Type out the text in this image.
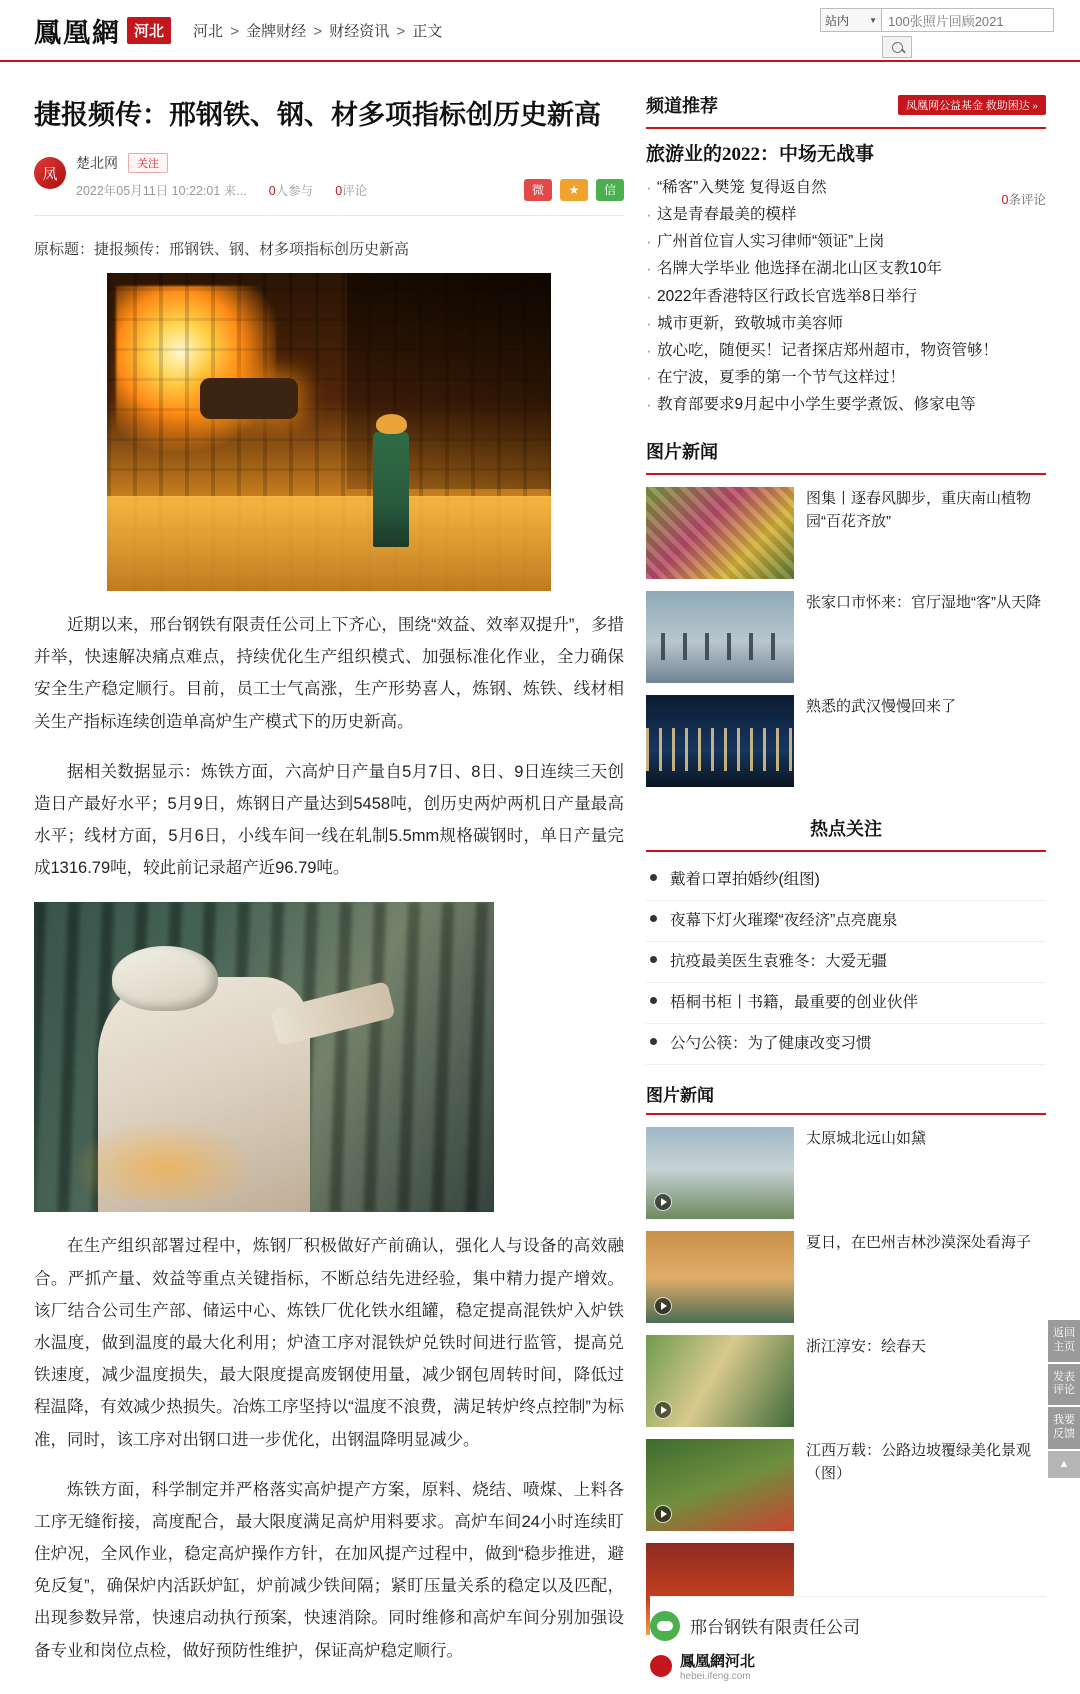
鳳凰網 河北	河北 > 金牌财经 > 财经资讯 > 正文
站内	▼ 100张照片回顾2021
捷报频传：邢钢铁、钢、材多项指标创历史新高
凤
楚北网	关注
2022年05月11日 10:22:01 来... 0人参与 0评论	微	★	信
原标题：捷报频传：邢钢铁、钢、材多项指标创历史新高

近期以来，邢台钢铁有限责任公司上下齐心，围绕“效益、效率双提升”，多措并举，快速解决痛点难点，持续优化生产组织模式、加强标准化作业，全力确保安全生产稳定顺行。目前，员工士气高涨，生产形势喜人，炼钢、炼铁、线材相关生产指标连续创造单高炉生产模式下的历史新高。

据相关数据显示：炼铁方面，六高炉日产量自5月7日、8日、9日连续三天创造日产最好水平；5月9日，炼钢日产量达到5458吨，创历史两炉两机日产量最高水平；线材方面，5月6日，小线车间一线在轧制5.5mm规格碳钢时，单日产量完成1316.79吨，较此前记录超产近96.79吨。

在生产组织部署过程中，炼钢厂积极做好产前确认，强化人与设备的高效融合。严抓产量、效益等重点关键指标，不断总结先进经验，集中精力提产增效。该厂结合公司生产部、储运中心、炼铁厂优化铁水组罐，稳定提高混铁炉入炉铁水温度，做到温度的最大化利用；炉渣工序对混铁炉兑铁时间进行监管，提高兑铁速度，减少温度损失，最大限度提高废钢使用量，减少钢包周转时间，降低过程温降，有效减少热损失。冶炼工序坚持以“温度不浪费，满足转炉终点控制”为标准，同时，该工序对出钢口进一步优化，出钢温降明显减少。

炼铁方面，科学制定并严格落实高炉提产方案，原料、烧结、喷煤、上料各工序无缝衔接，高度配合，最大限度满足高炉用料要求。高炉车间24小时连续盯住炉况，全风作业，稳定高炉操作方针，在加风提产过程中，做到“稳步推进，避免反复”，确保炉内活跃炉缸，炉前减少铁间隔；紧盯压量关系的稳定以及匹配，出现参数异常，快速启动执行预案，快速消除。同时维修和高炉车间分别加强设备专业和岗位点检，做好预防性维护，保证高炉稳定顺行。

频道推荐	凤凰网公益基金 救助困达 »
旅游业的2022：中场无战事
0条评论
· “稀客”入樊笼 复得返自然
· 这是青春最美的模样
· 广州首位盲人实习律师“领证”上岗
· 名牌大学毕业 他选择在湖北山区支教10年
· 2022年香港特区行政长官选举8日举行
· 城市更新，致敬城市美容师
· 放心吃，随便买！记者探店郑州超市，物资管够！
· 在宁波，夏季的第一个节气这样过！
· 教育部要求9月起中小学生要学煮饭、修家电等
图片新闻
图集丨逐春风脚步，重庆南山植物园“百花齐放”
张家口市怀来：官厅湿地“客”从天降
熟悉的武汉慢慢回来了
热点关注
戴着口罩拍婚纱(组图)
夜幕下灯火璀璨“夜经济”点亮鹿泉
抗疫最美医生袁雅冬：大爱无疆
梧桐书柜丨书籍，最重要的创业伙伴
公勺公筷：为了健康改变习惯
图片新闻
太原城北远山如黛
夏日，在巴州吉林沙漠深处看海子
浙江淳安：绘春天
江西万载：公路边坡覆绿美化景观（图）
返回主页
发表评论
我要反馈
▲
邢台钢铁有限责任公司
鳳凰網河北
hebei.ifeng.com
